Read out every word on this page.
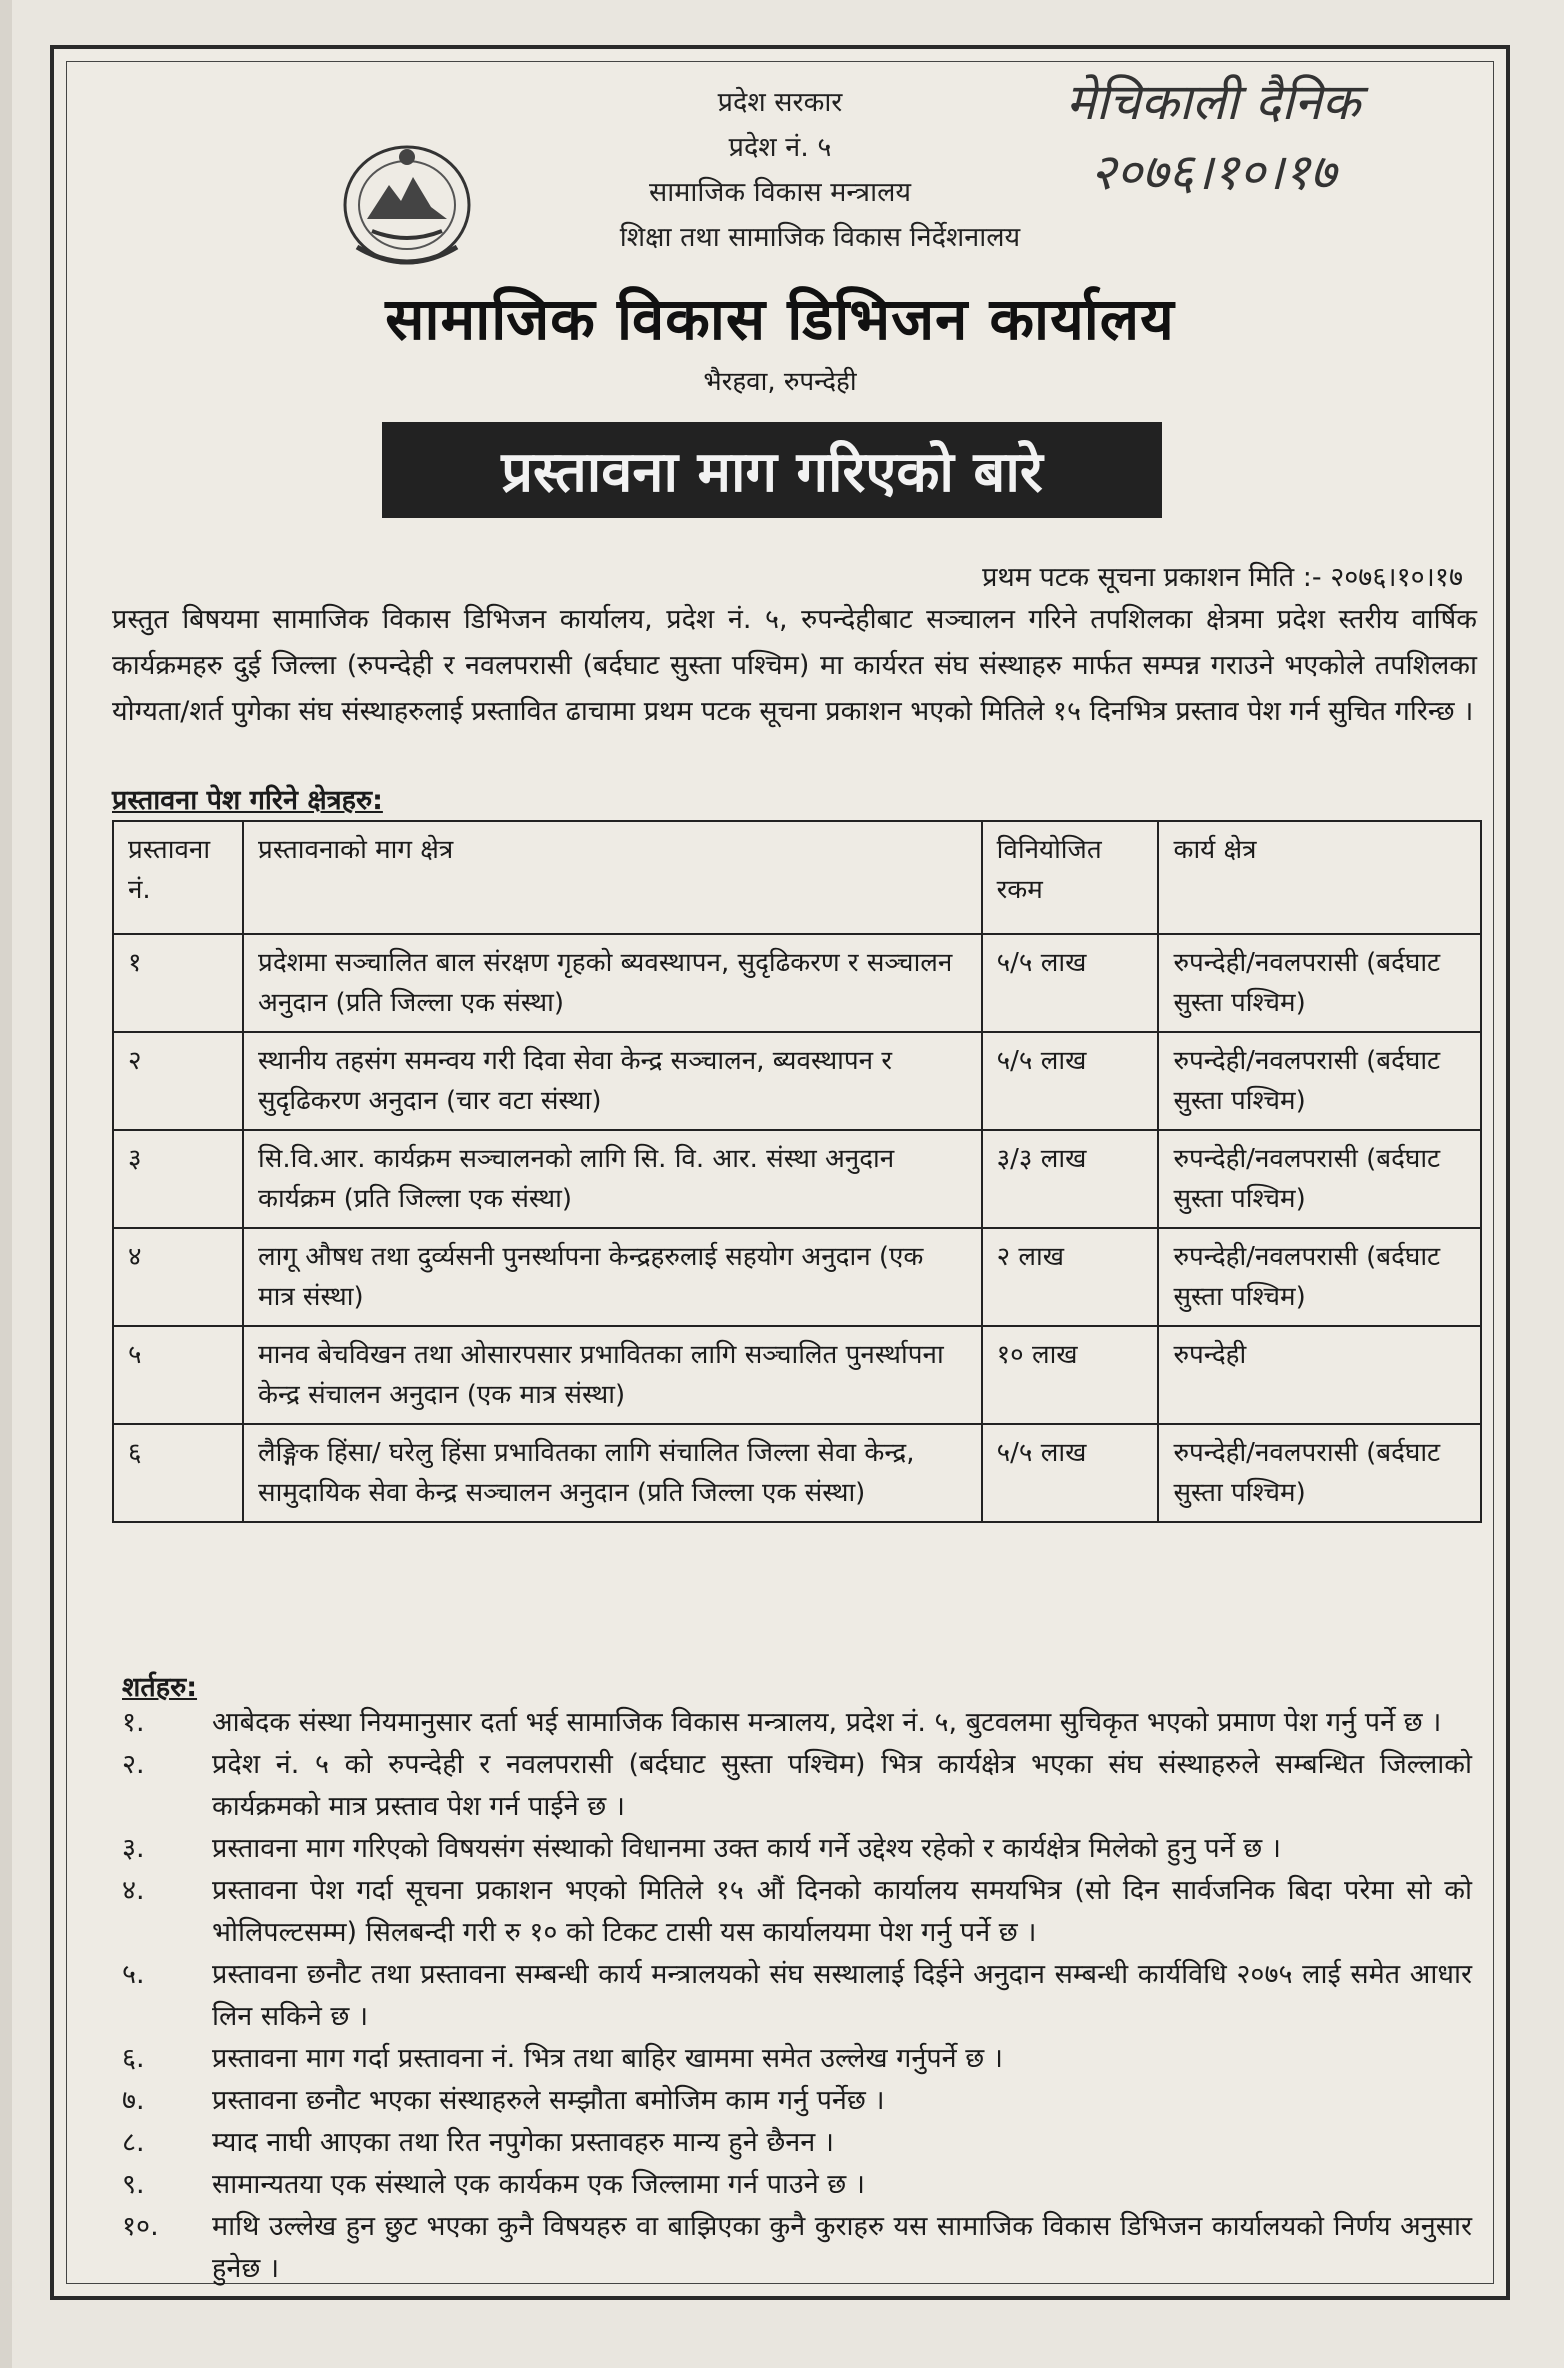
प्रदेश सरकार
प्रदेश नं. ५
सामाजिक विकास मन्त्रालय
शिक्षा तथा सामाजिक विकास निर्देशनालय
मेचिकाली दैनिक
२०७६।१०।१७
सामाजिक विकास डिभिजन कार्यालय
भैरहवा, रुपन्देही
प्रस्तावना माग गरिएको बारे
प्रथम पटक सूचना प्रकाशन मिति :- २०७६।१०।१७
प्रस्तुत बिषयमा सामाजिक विकास डिभिजन कार्यालय, प्रदेश नं. ५, रुपन्देहीबाट सञ्चालन गरिने तपशिलका क्षेत्रमा प्रदेश स्तरीय वार्षिक कार्यक्रमहरु दुई जिल्ला (रुपन्देही र नवलपरासी (बर्दघाट सुस्ता पश्चिम) मा कार्यरत संघ संस्थाहरु मार्फत सम्पन्न गराउने भएकोले तपशिलका योग्यता/शर्त पुगेका संघ संस्थाहरुलाई प्रस्तावित ढाचामा प्रथम पटक सूचना प्रकाशन भएको मितिले १५ दिनभित्र प्रस्ताव पेश गर्न सुचित गरिन्छ ।
प्रस्तावना पेश गरिने क्षेत्रहरु:
प्रस्तावना नं.	प्रस्तावनाको माग क्षेत्र	विनियोजित रकम	कार्य क्षेत्र
१	प्रदेशमा सञ्चालित बाल संरक्षण गृहको ब्यवस्थापन, सुदृढिकरण र सञ्चालन अनुदान (प्रति जिल्ला एक संस्था)	५/५ लाख	रुपन्देही/नवलपरासी (बर्दघाट सुस्ता पश्चिम)
२	स्थानीय तहसंग समन्वय गरी दिवा सेवा केन्द्र सञ्चालन, ब्यवस्थापन र सुदृढिकरण अनुदान (चार वटा संस्था)	५/५ लाख	रुपन्देही/नवलपरासी (बर्दघाट सुस्ता पश्चिम)
३	सि.वि.आर. कार्यक्रम सञ्चालनको लागि सि. वि. आर. संस्था अनुदान कार्यक्रम (प्रति जिल्ला एक संस्था)	३/३ लाख	रुपन्देही/नवलपरासी (बर्दघाट सुस्ता पश्चिम)
४	लागू औषध तथा दुर्व्यसनी पुनर्स्थापना केन्द्रहरुलाई सहयोग अनुदान (एक मात्र संस्था)	२ लाख	रुपन्देही/नवलपरासी (बर्दघाट सुस्ता पश्चिम)
५	मानव बेचविखन तथा ओसारपसार प्रभावितका लागि सञ्चालित पुनर्स्थापना केन्द्र संचालन अनुदान (एक मात्र संस्था)	१० लाख	रुपन्देही
६	लैङ्गिक हिंसा/ घरेलु हिंसा प्रभावितका लागि संचालित जिल्ला सेवा केन्द्र, सामुदायिक सेवा केन्द्र सञ्चालन अनुदान (प्रति जिल्ला एक संस्था)	५/५ लाख	रुपन्देही/नवलपरासी (बर्दघाट सुस्ता पश्चिम)
शर्तहरु:
१.	आबेदक संस्था नियमानुसार दर्ता भई सामाजिक विकास मन्त्रालय, प्रदेश नं. ५, बुटवलमा सुचिकृत भएको प्रमाण पेश गर्नु पर्ने छ ।
२.	प्रदेश नं. ५ को रुपन्देही र नवलपरासी (बर्दघाट सुस्ता पश्चिम) भित्र कार्यक्षेत्र भएका संघ संस्थाहरुले सम्बन्धित जिल्लाको कार्यक्रमको मात्र प्रस्ताव पेश गर्न पाईने छ ।
३.	प्रस्तावना माग गरिएको विषयसंग संस्थाको विधानमा उक्त कार्य गर्ने उद्देश्य रहेको र कार्यक्षेत्र मिलेको हुनु पर्ने छ ।
४.	प्रस्तावना पेश गर्दा सूचना प्रकाशन भएको मितिले १५ औं दिनको कार्यालय समयभित्र (सो दिन सार्वजनिक बिदा परेमा सो को भोलिपल्टसम्म) सिलबन्दी गरी रु १० को टिकट टासी यस कार्यालयमा पेश गर्नु पर्ने छ ।
५.	प्रस्तावना छनौट तथा प्रस्तावना सम्बन्धी कार्य मन्त्रालयको संघ सस्थालाई दिईने अनुदान सम्बन्धी कार्यविधि २०७५ लाई समेत आधार लिन सकिने छ ।
६.	प्रस्तावना माग गर्दा प्रस्तावना नं. भित्र तथा बाहिर खाममा समेत उल्लेख गर्नुपर्ने छ ।
७.	प्रस्तावना छनौट भएका संस्थाहरुले सम्झौता बमोजिम काम गर्नु पर्नेछ ।
८.	म्याद नाघी आएका तथा रित नपुगेका प्रस्तावहरु मान्य हुने छैनन ।
९.	सामान्यतया एक संस्थाले एक कार्यकम एक जिल्लामा गर्न पाउने छ ।
१०.	माथि उल्लेख हुन छुट भएका कुनै विषयहरु वा बाझिएका कुनै कुराहरु यस सामाजिक विकास डिभिजन कार्यालयको निर्णय अनुसार हुनेछ ।
